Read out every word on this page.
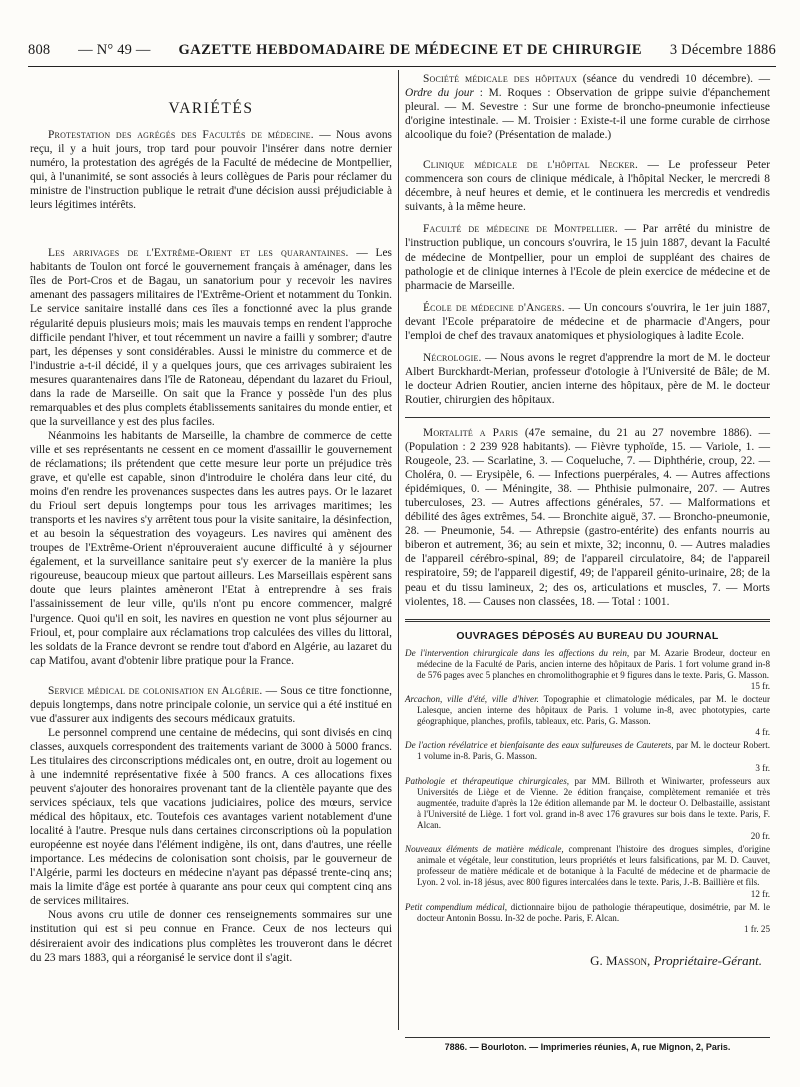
808 — N° 49 — GAZETTE HEBDOMADAIRE DE MÉDECINE ET DE CHIRURGIE 3 Décembre 1886
VARIÉTÉS

Protestation des agrégés des Facultés de médecine. — Nous avons reçu, il y a huit jours, trop tard pour pouvoir l'insérer dans notre dernier numéro, la protestation des agrégés de la Faculté de médecine de Montpellier, qui, à l'unanimité, se sont associés à leurs collègues de Paris pour réclamer du ministre de l'instruction publique le retrait d'une décision aussi préjudiciable à leurs légitimes intérêts.

Les arrivages de l'Extrême-Orient et les quarantaines. — Les habitants de Toulon ont forcé le gouvernement français à aménager, dans les îles de Port-Cros et de Bagau, un sanatorium pour y recevoir les navires amenant des passagers militaires de l'Extrême-Orient et notamment du Tonkin. Le service sanitaire installé dans ces îles a fonctionné avec la plus grande régularité depuis plusieurs mois; mais les mauvais temps en rendent l'approche difficile pendant l'hiver, et tout récemment un navire a failli y sombrer; d'autre part, les dépenses y sont considérables. Aussi le ministre du commerce et de l'industrie a-t-il décidé, il y a quelques jours, que ces arrivages subiraient les mesures quarantenaires dans l'île de Ratoneau, dépendant du lazaret du Frioul, dans la rade de Marseille. On sait que la France y possède l'un des plus remarquables et des plus complets établissements sanitaires du monde entier, et que la surveillance y est des plus faciles.

Néanmoins les habitants de Marseille, la chambre de commerce de cette ville et ses représentants ne cessent en ce moment d'assaillir le gouvernement de réclamations; ils prétendent que cette mesure leur porte un préjudice très grave, et qu'elle est capable, sinon d'introduire le choléra dans leur cité, du moins d'en rendre les provenances suspectes dans les autres pays. Or le lazaret du Frioul sert depuis longtemps pour tous les arrivages maritimes; les transports et les navires s'y arrêtent tous pour la visite sanitaire, la désinfection, et au besoin la séquestration des voyageurs. Les navires qui amènent des troupes de l'Extrême-Orient n'éprouveraient aucune difficulté à y séjourner également, et la surveillance sanitaire peut s'y exercer de la manière la plus rigoureuse, beaucoup mieux que partout ailleurs. Les Marseillais espèrent sans doute que leurs plaintes amèneront l'Etat à entreprendre à ses frais l'assainissement de leur ville, qu'ils n'ont pu encore commencer, malgré l'urgence. Quoi qu'il en soit, les navires en question ne vont plus séjourner au Frioul, et, pour complaire aux réclamations trop calculées des villes du littoral, les soldats de la France devront se rendre tout d'abord en Algérie, au lazaret du cap Matifou, avant d'obtenir libre pratique pour la France.

Service médical de colonisation en Algérie. — Sous ce titre fonctionne, depuis longtemps, dans notre principale colonie, un service qui a été institué en vue d'assurer aux indigents des secours médicaux gratuits.

Le personnel comprend une centaine de médecins, qui sont divisés en cinq classes, auxquels correspondent des traitements variant de 3000 à 5000 francs. Les titulaires des circonscriptions médicales ont, en outre, droit au logement ou à une indemnité représentative fixée à 500 francs. A ces allocations fixes peuvent s'ajouter des honoraires provenant tant de la clientèle payante que des services spéciaux, tels que vacations judiciaires, police des mœurs, service médical des hôpitaux, etc. Toutefois ces avantages varient notablement d'une localité à l'autre. Presque nuls dans certaines circonscriptions où la population européenne est noyée dans l'élément indigène, ils ont, dans d'autres, une réelle importance. Les médecins de colonisation sont choisis, par le gouverneur de l'Algérie, parmi les docteurs en médecine n'ayant pas dépassé trente-cinq ans; mais la limite d'âge est portée à quarante ans pour ceux qui comptent cinq ans de services militaires.

Nous avons cru utile de donner ces renseignements sommaires sur une institution qui est si peu connue en France. Ceux de nos lecteurs qui désireraient avoir des indications plus complètes les trouveront dans le décret du 23 mars 1883, qui a réorganisé le service dont il s'agit.

Société médicale des hôpitaux (séance du vendredi 10 décembre). — Ordre du jour : M. Roques : Observation de grippe suivie d'épanchement pleural. — M. Sevestre : Sur une forme de broncho-pneumonie infectieuse d'origine intestinale. — M. Troisier : Existe-t-il une forme curable de cirrhose alcoolique du foie? (Présentation de malade.)

Clinique médicale de l'hôpital Necker. — Le professeur Peter commencera son cours de clinique médicale, à l'hôpital Necker, le mercredi 8 décembre, à neuf heures et demie, et le continuera les mercredis et vendredis suivants, à la même heure.

Faculté de médecine de Montpellier. — Par arrêté du ministre de l'instruction publique, un concours s'ouvrira, le 15 juin 1887, devant la Faculté de médecine de Montpellier, pour un emploi de suppléant des chaires de pathologie et de clinique internes à l'Ecole de plein exercice de médecine et de pharmacie de Marseille.

École de médecine d'Angers. — Un concours s'ouvrira, le 1er juin 1887, devant l'Ecole préparatoire de médecine et de pharmacie d'Angers, pour l'emploi de chef des travaux anatomiques et physiologiques à ladite Ecole.

Nécrologie. — Nous avons le regret d'apprendre la mort de M. le docteur Albert Burckhardt-Merian, professeur d'otologie à l'Université de Bâle; de M. le docteur Adrien Routier, ancien interne des hôpitaux, père de M. le docteur Routier, chirurgien des hôpitaux.

Mortalité a Paris (47e semaine, du 21 au 27 novembre 1886). — (Population : 2 239 928 habitants). — Fièvre typhoïde, 15. — Variole, 1. — Rougeole, 23. — Scarlatine, 3. — Coqueluche, 7. — Diphthérie, croup, 22. — Choléra, 0. — Erysipèle, 6. — Infections puerpérales, 4. — Autres affections épidémiques, 0. — Méningite, 38. — Phthisie pulmonaire, 207. — Autres tuberculoses, 23. — Autres affections générales, 57. — Malformations et débilité des âges extrêmes, 54. — Bronchite aiguë, 37. — Broncho-pneumonie, 28. — Pneumonie, 54. — Athrepsie (gastro-entérite) des enfants nourris au biberon et autrement, 36; au sein et mixte, 32; inconnu, 0. — Autres maladies de l'appareil cérébro-spinal, 89; de l'appareil circulatoire, 84; de l'appareil respiratoire, 59; de l'appareil digestif, 49; de l'appareil génito-urinaire, 28; de la peau et du tissu lamineux, 2; des os, articulations et muscles, 7. — Morts violentes, 18. — Causes non classées, 18. — Total : 1001.

OUVRAGES DÉPOSÉS AU BUREAU DU JOURNAL

De l'intervention chirurgicale dans les affections du rein, par M. Azarie Brodeur, docteur en médecine de la Faculté de Paris, ancien interne des hôpitaux de Paris. 1 fort volume grand in-8 de 576 pages avec 5 planches en chromolithographie et 9 figures dans le texte. Paris, G. Masson.
15 fr.

Arcachon, ville d'été, ville d'hiver. Topographie et climatologie médicales, par M. le docteur Lalesque, ancien interne des hôpitaux de Paris. 1 volume in-8, avec phototypies, carte géographique, planches, profils, tableaux, etc. Paris, G. Masson.
4 fr.

De l'action révélatrice et bienfaisante des eaux sulfureuses de Cauterets, par M. le docteur Robert. 1 volume in-8. Paris, G. Masson.
3 fr.

Pathologie et thérapeutique chirurgicales, par MM. Billroth et Winiwarter, professeurs aux Universités de Liège et de Vienne. 2e édition française, complètement remaniée et très augmentée, traduite d'après la 12e édition allemande par M. le docteur O. Delbastaille, assistant à l'Université de Liège. 1 fort vol. grand in-8 avec 176 gravures sur bois dans le texte. Paris, F. Alcan.
20 fr.

Nouveaux éléments de matière médicale, comprenant l'histoire des drogues simples, d'origine animale et végétale, leur constitution, leurs propriétés et leurs falsifications, par M. D. Cauvet, professeur de matière médicale et de botanique à la Faculté de médecine et de pharmacie de Lyon. 2 vol. in-18 jésus, avec 800 figures intercalées dans le texte. Paris, J.-B. Baillière et fils.
12 fr.

Petit compendium médical, dictionnaire bijou de pathologie thérapeutique, dosimétrie, par M. le docteur Antonin Bossu. In-32 de poche. Paris, F. Alcan.
1 fr. 25

G. Masson, Propriétaire-Gérant.
7886. — Bourloton. — Imprimeries réunies, A, rue Mignon, 2, Paris.
